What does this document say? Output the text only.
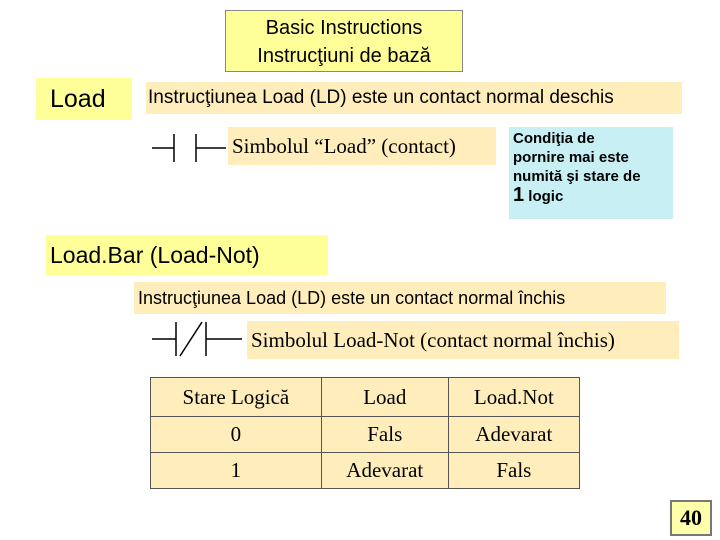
Basic Instructions
Instrucţiuni de bază
Load	Instrucţiunea Load (LD) este un contact normal deschis
Simbolul “Load” (contact)	Condiţia de
pornire mai este
numită şi stare de
1 logic
Load.Bar (Load-Not)
Instrucţiunea Load (LD) este un contact normal închis
Simbolul Load-Not (contact normal închis)
Stare Logică	Load	Load.Not
0	Fals	Adevarat
1	Adevarat	Fals
40
